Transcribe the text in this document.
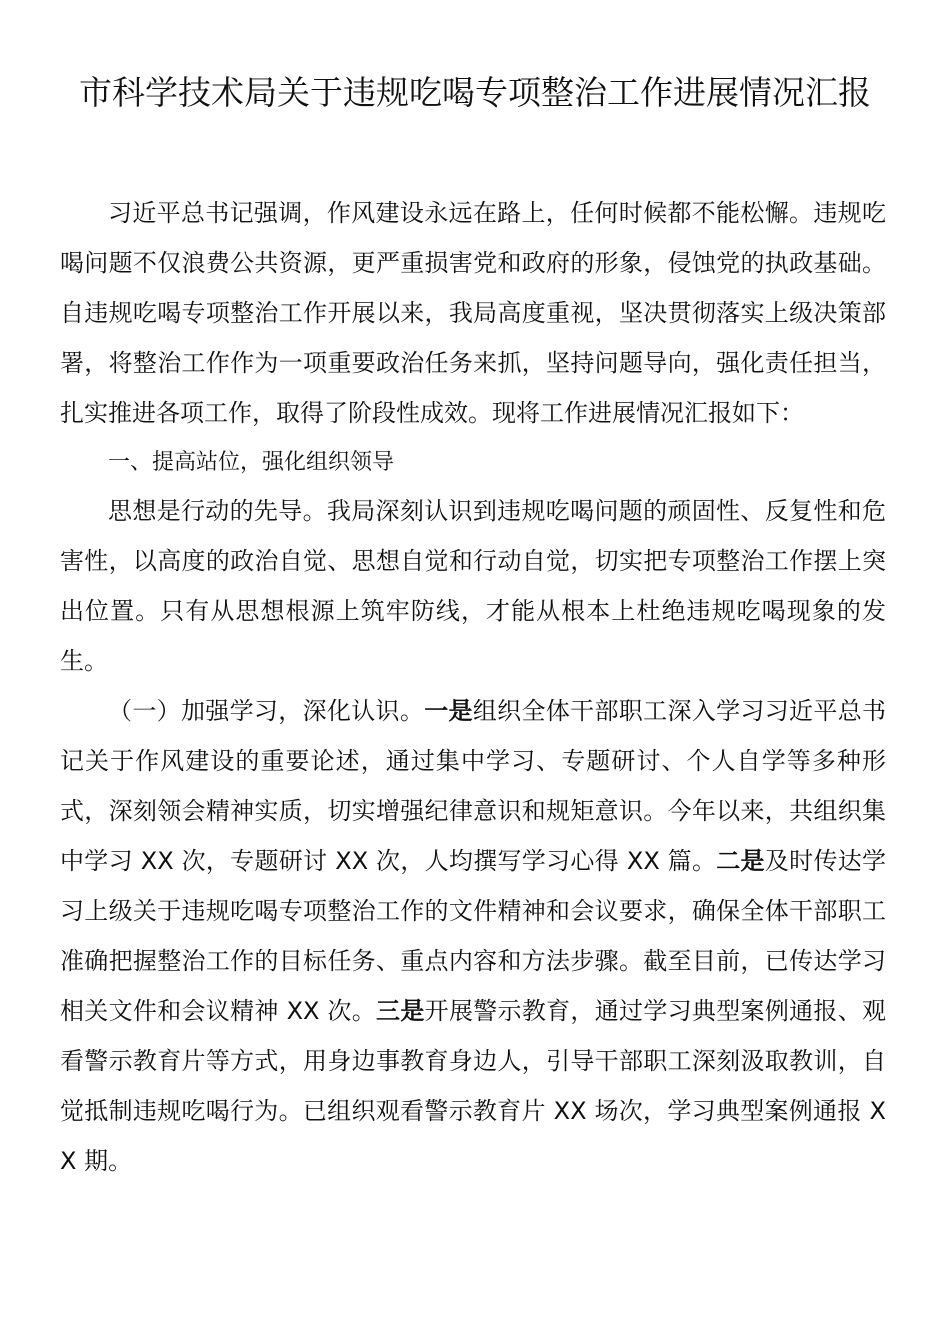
市科学技术局关于违规吃喝专项整治工作进展情况汇报

习近平总书记强调，作风建设永远在路上，任何时候都不能松懈。违规吃喝问题不仅浪费公共资源，更严重损害党和政府的形象，侵蚀党的执政基础。自违规吃喝专项整治工作开展以来，我局高度重视，坚决贯彻落实上级决策部署，将整治工作作为一项重要政治任务来抓，坚持问题导向，强化责任担当，扎实推进各项工作，取得了阶段性成效。现将工作进展情况汇报如下：

一、提高站位，强化组织领导

思想是行动的先导。我局深刻认识到违规吃喝问题的顽固性、反复性和危害性，以高度的政治自觉、思想自觉和行动自觉，切实把专项整治工作摆上突出位置。只有从思想根源上筑牢防线，才能从根本上杜绝违规吃喝现象的发生。

（一）加强学习，深化认识。一是组织全体干部职工深入学习习近平总书记关于作风建设的重要论述，通过集中学习、专题研讨、个人自学等多种形式，深刻领会精神实质，切实增强纪律意识和规矩意识。今年以来，共组织集中学习 XX 次，专题研讨 XX 次，人均撰写学习心得 XX 篇。二是及时传达学习上级关于违规吃喝专项整治工作的文件精神和会议要求，确保全体干部职工准确把握整治工作的目标任务、重点内容和方法步骤。截至目前，已传达学习相关文件和会议精神 XX 次。三是开展警示教育，通过学习典型案例通报、观看警示教育片等方式，用身边事教育身边人，引导干部职工深刻汲取教训，自觉抵制违规吃喝行为。已组织观看警示教育片 XX 场次，学习典型案例通报 XX 期。
